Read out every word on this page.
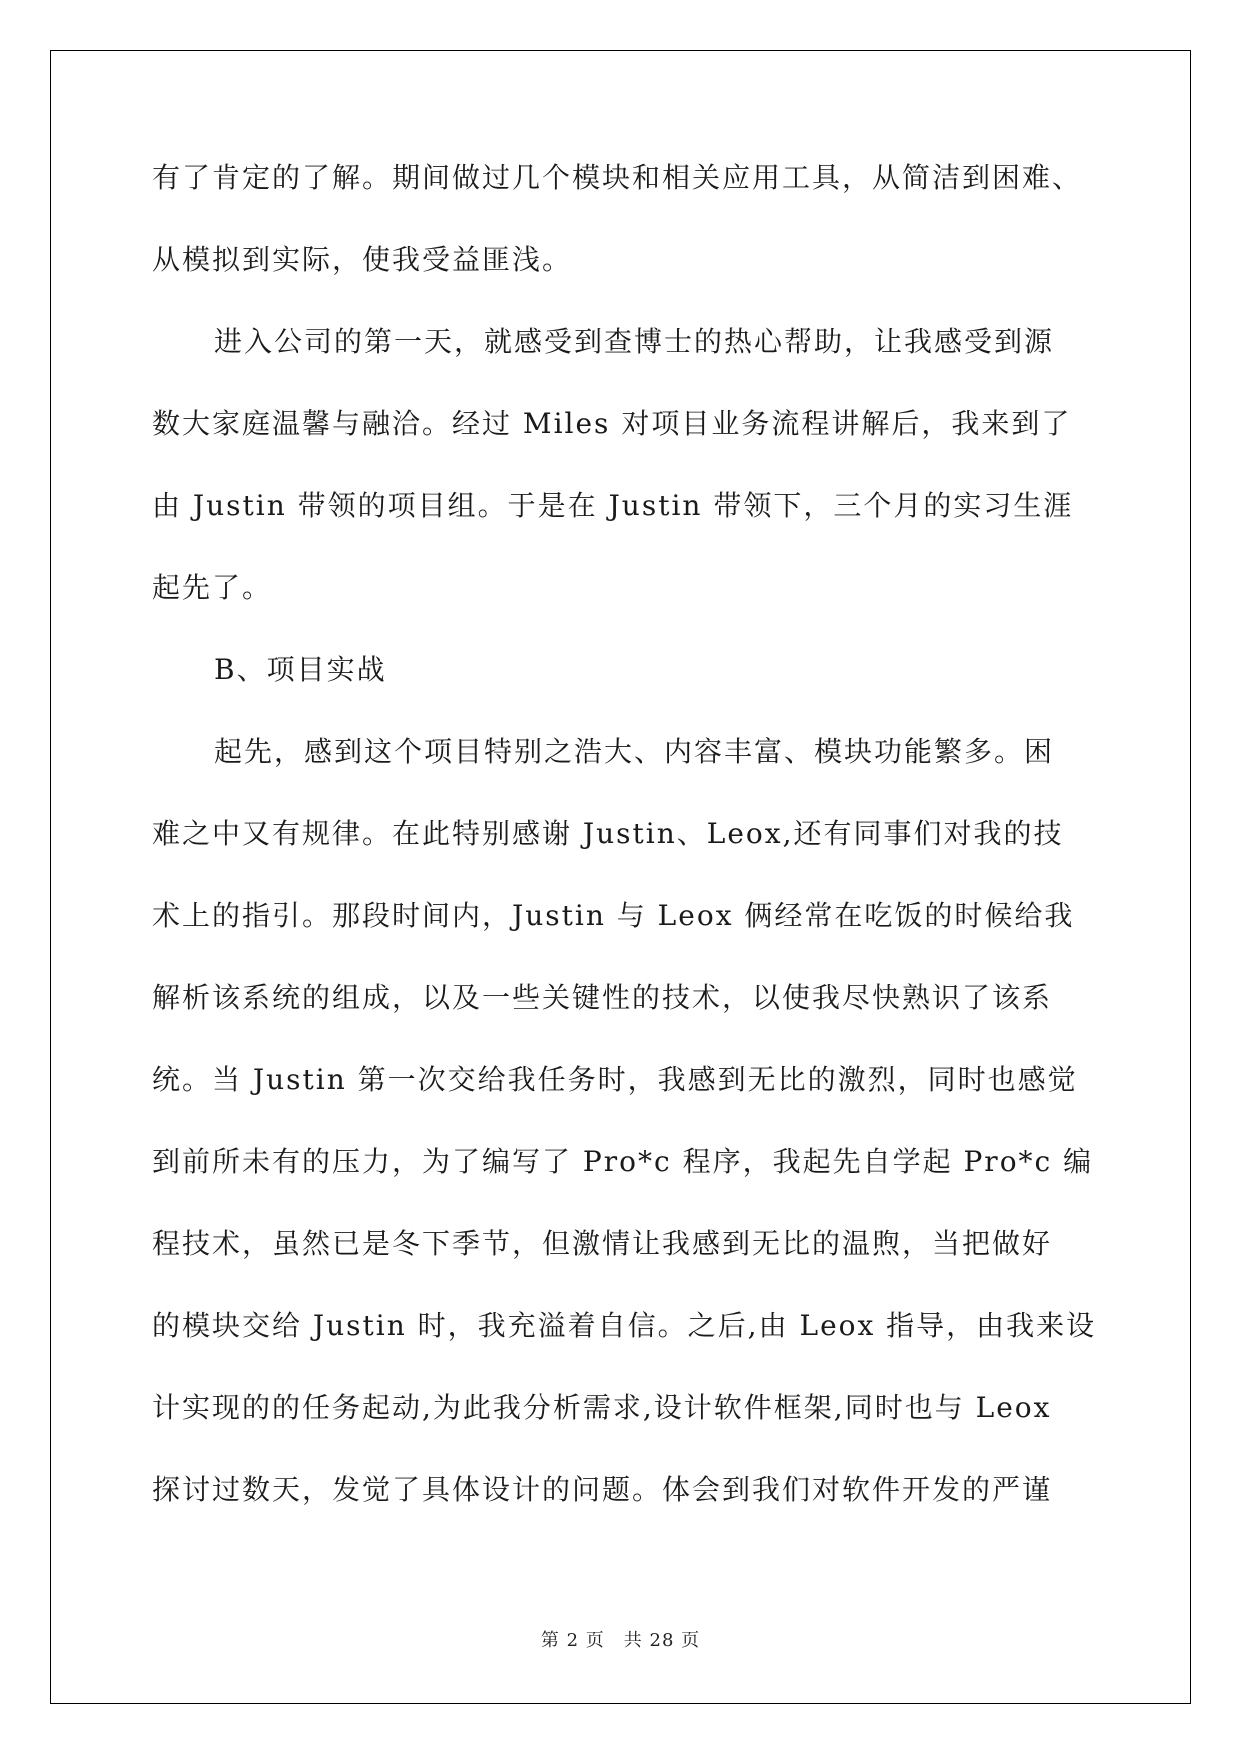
有了肯定的了解。期间做过几个模块和相关应用工具，从简洁到困难、
从模拟到实际，使我受益匪浅。
进入公司的第一天，就感受到查博士的热心帮助，让我感受到源
数大家庭温馨与融洽。经过 Miles 对项目业务流程讲解后，我来到了
由 Justin 带领的项目组。于是在 Justin 带领下，三个月的实习生涯
起先了。
B、项目实战
起先，感到这个项目特别之浩大、内容丰富、模块功能繁多。困
难之中又有规律。在此特别感谢 Justin、Leox,还有同事们对我的技
术上的指引。那段时间内，Justin 与 Leox 俩经常在吃饭的时候给我
解析该系统的组成，以及一些关键性的技术，以使我尽快熟识了该系
统。当 Justin 第一次交给我任务时，我感到无比的激烈，同时也感觉
到前所未有的压力，为了编写了 Pro*c 程序，我起先自学起 Pro*c 编
程技术，虽然已是冬下季节，但激情让我感到无比的温煦，当把做好
的模块交给 Justin 时，我充溢着自信。之后,由 Leox 指导，由我来设
计实现的的任务起动,为此我分析需求,设计软件框架,同时也与 Leox
探讨过数天，发觉了具体设计的问题。体会到我们对软件开发的严谨
第 2 页　共 28 页
